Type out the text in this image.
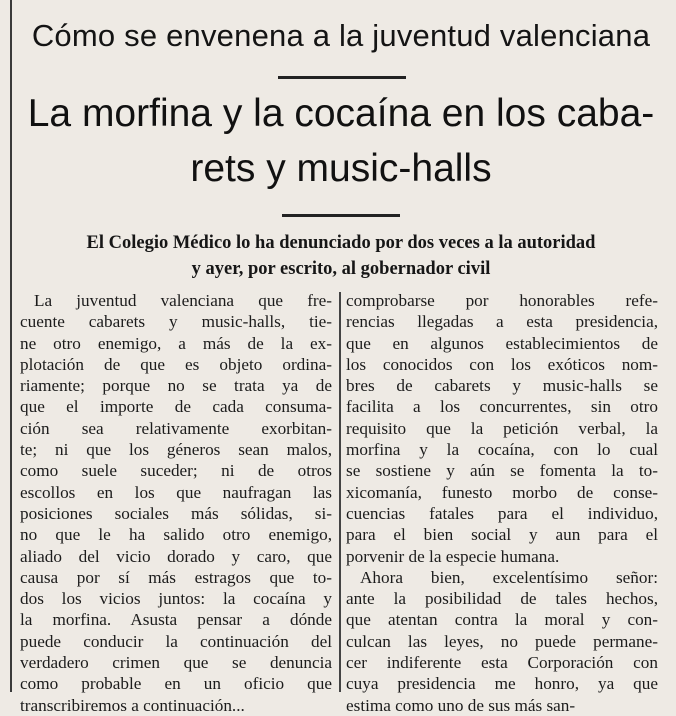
Cómo se envenena a la juventud valenciana
La morfina y la cocaína en los caba-
rets y music-halls
El Colegio Médico lo ha denunciado por dos veces a la autoridad
y ayer, por escrito, al gobernador civil
La juventud valenciana que fre-
cuente cabarets y music-halls, tie-
ne otro enemigo, a más de la ex-
plotación de que es objeto ordina-
riamente; porque no se trata ya de
que el importe de cada consuma-
ción sea relativamente exorbitan-
te; ni que los géneros sean malos,
como suele suceder; ni de otros
escollos en los que naufragan las
posiciones sociales más sólidas, si-
no que le ha salido otro enemigo,
aliado del vicio dorado y caro, que
causa por sí más estragos que to-
dos los vicios juntos: la cocaína y
la morfina. Asusta pensar a dónde
puede conducir la continuación del
verdadero crimen que se denuncia
como probable en un oficio que
transcribiremos a continuación...
comprobarse por honorables refe-
rencias llegadas a esta presidencia,
que en algunos establecimientos de
los conocidos con los exóticos nom-
bres de cabarets y music-halls se
facilita a los concurrentes, sin otro
requisito que la petición verbal, la
morfina y la cocaína, con lo cual
se sostiene y aún se fomenta la to-
xicomanía, funesto morbo de conse-
cuencias fatales para el individuo,
para el bien social y aun para el
porvenir de la especie humana.
Ahora bien, excelentísimo señor:
ante la posibilidad de tales hechos,
que atentan contra la moral y con-
culcan las leyes, no puede permane-
cer indiferente esta Corporación con
cuya presidencia me honro, ya que
estima como uno de sus más san-
